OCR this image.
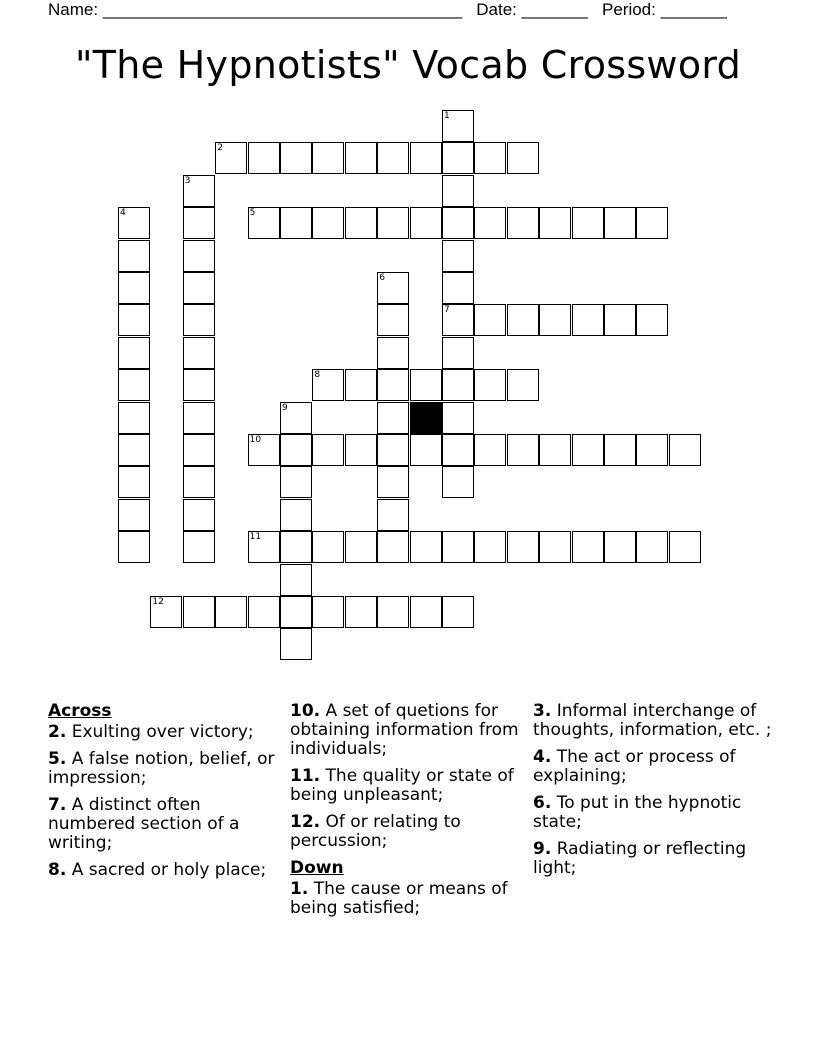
Name: ______________________________________ Date: _______ Period: _______
"The Hypnotists" Vocab Crossword
1
7
2
3
4	5
6
8
9
10
11
12
Across
2. Exulting over victory;
5. A false notion, belief, or impression;
7. A distinct often numbered section of a writing;
8. A sacred or holy place;
10. A set of quetions for obtaining information from individuals;
11. The quality or state of being unpleasant;
12. Of or relating to percussion;
Down
1. The cause or means of being satisfied;
3. Informal interchange of thoughts, information, etc. ;
4. The act or process of explaining;
6. To put in the hypnotic state;
9. Radiating or reflecting light;
